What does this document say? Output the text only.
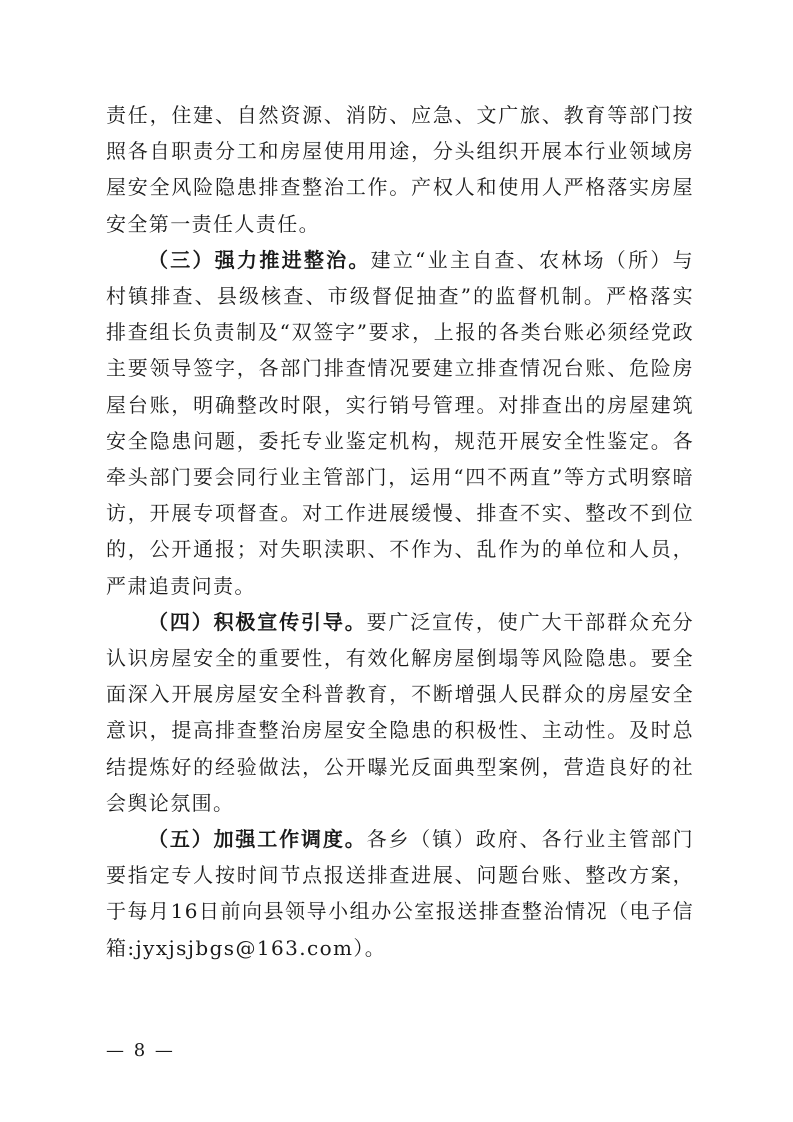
责任，住建、自然资源、消防、应急、文广旅、教育等部门按照各自职责分工和房屋使用用途，分头组织开展本行业领域房屋安全风险隐患排查整治工作。产权人和使用人严格落实房屋安全第一责任人责任。

（三）强力推进整治。建立“业主自查、农林场（所）与村镇排查、县级核查、市级督促抽查”的监督机制。严格落实排查组长负责制及“双签字”要求，上报的各类台账必须经党政主要领导签字，各部门排查情况要建立排查情况台账、危险房屋台账，明确整改时限，实行销号管理。对排查出的房屋建筑安全隐患问题，委托专业鉴定机构，规范开展安全性鉴定。各牵头部门要会同行业主管部门，运用“四不两直”等方式明察暗访，开展专项督查。对工作进展缓慢、排查不实、整改不到位的，公开通报；对失职渎职、不作为、乱作为的单位和人员，严肃追责问责。

（四）积极宣传引导。要广泛宣传，使广大干部群众充分认识房屋安全的重要性，有效化解房屋倒塌等风险隐患。要全面深入开展房屋安全科普教育，不断增强人民群众的房屋安全意识，提高排查整治房屋安全隐患的积极性、主动性。及时总结提炼好的经验做法，公开曝光反面典型案例，营造良好的社会舆论氛围。

（五）加强工作调度。各乡（镇）政府、各行业主管部门要指定专人按时间节点报送排查进展、问题台账、整改方案，于每月16日前向县领导小组办公室报送排查整治情况（电子信箱:jyxjsjbgs@163.com）。

— 8 —
